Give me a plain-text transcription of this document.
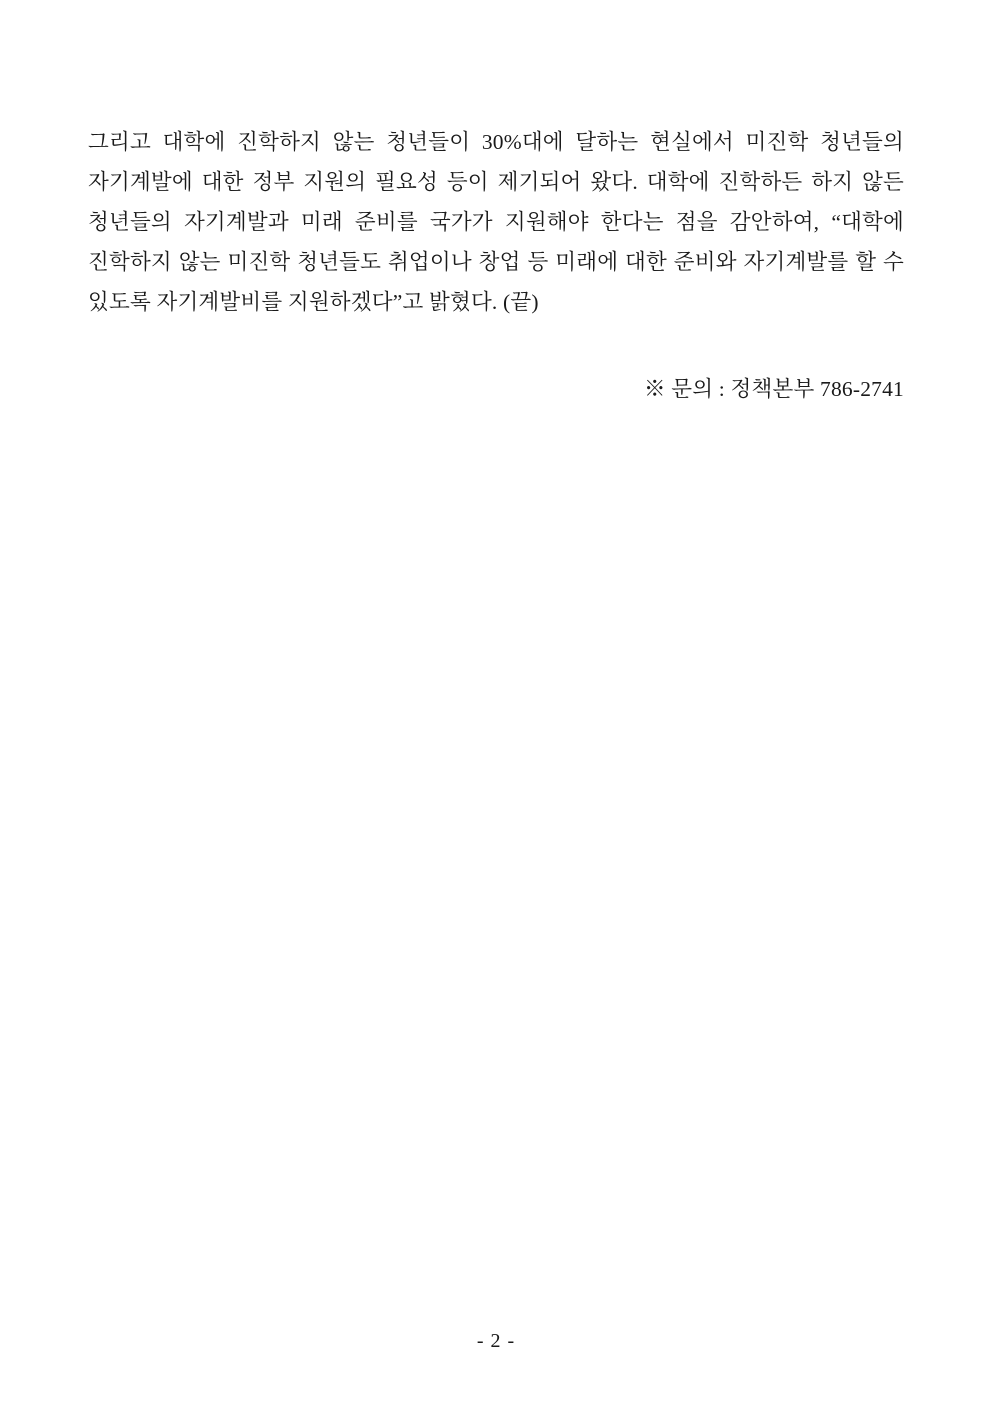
그리고 대학에 진학하지 않는 청년들이 30%대에 달하는 현실에서 미진학 청년들의 자기계발에 대한 정부 지원의 필요성 등이 제기되어 왔다. 대학에 진학하든 하지 않든 청년들의 자기계발과 미래 준비를 국가가 지원해야 한다는 점을 감안하여, “대학에 진학하지 않는 미진학 청년들도 취업이나 창업 등 미래에 대한 준비와 자기계발를 할 수 있도록 자기계발비를 지원하겠다”고 밝혔다. (끝)

※ 문의 : 정책본부 786-2741
- 2 -
